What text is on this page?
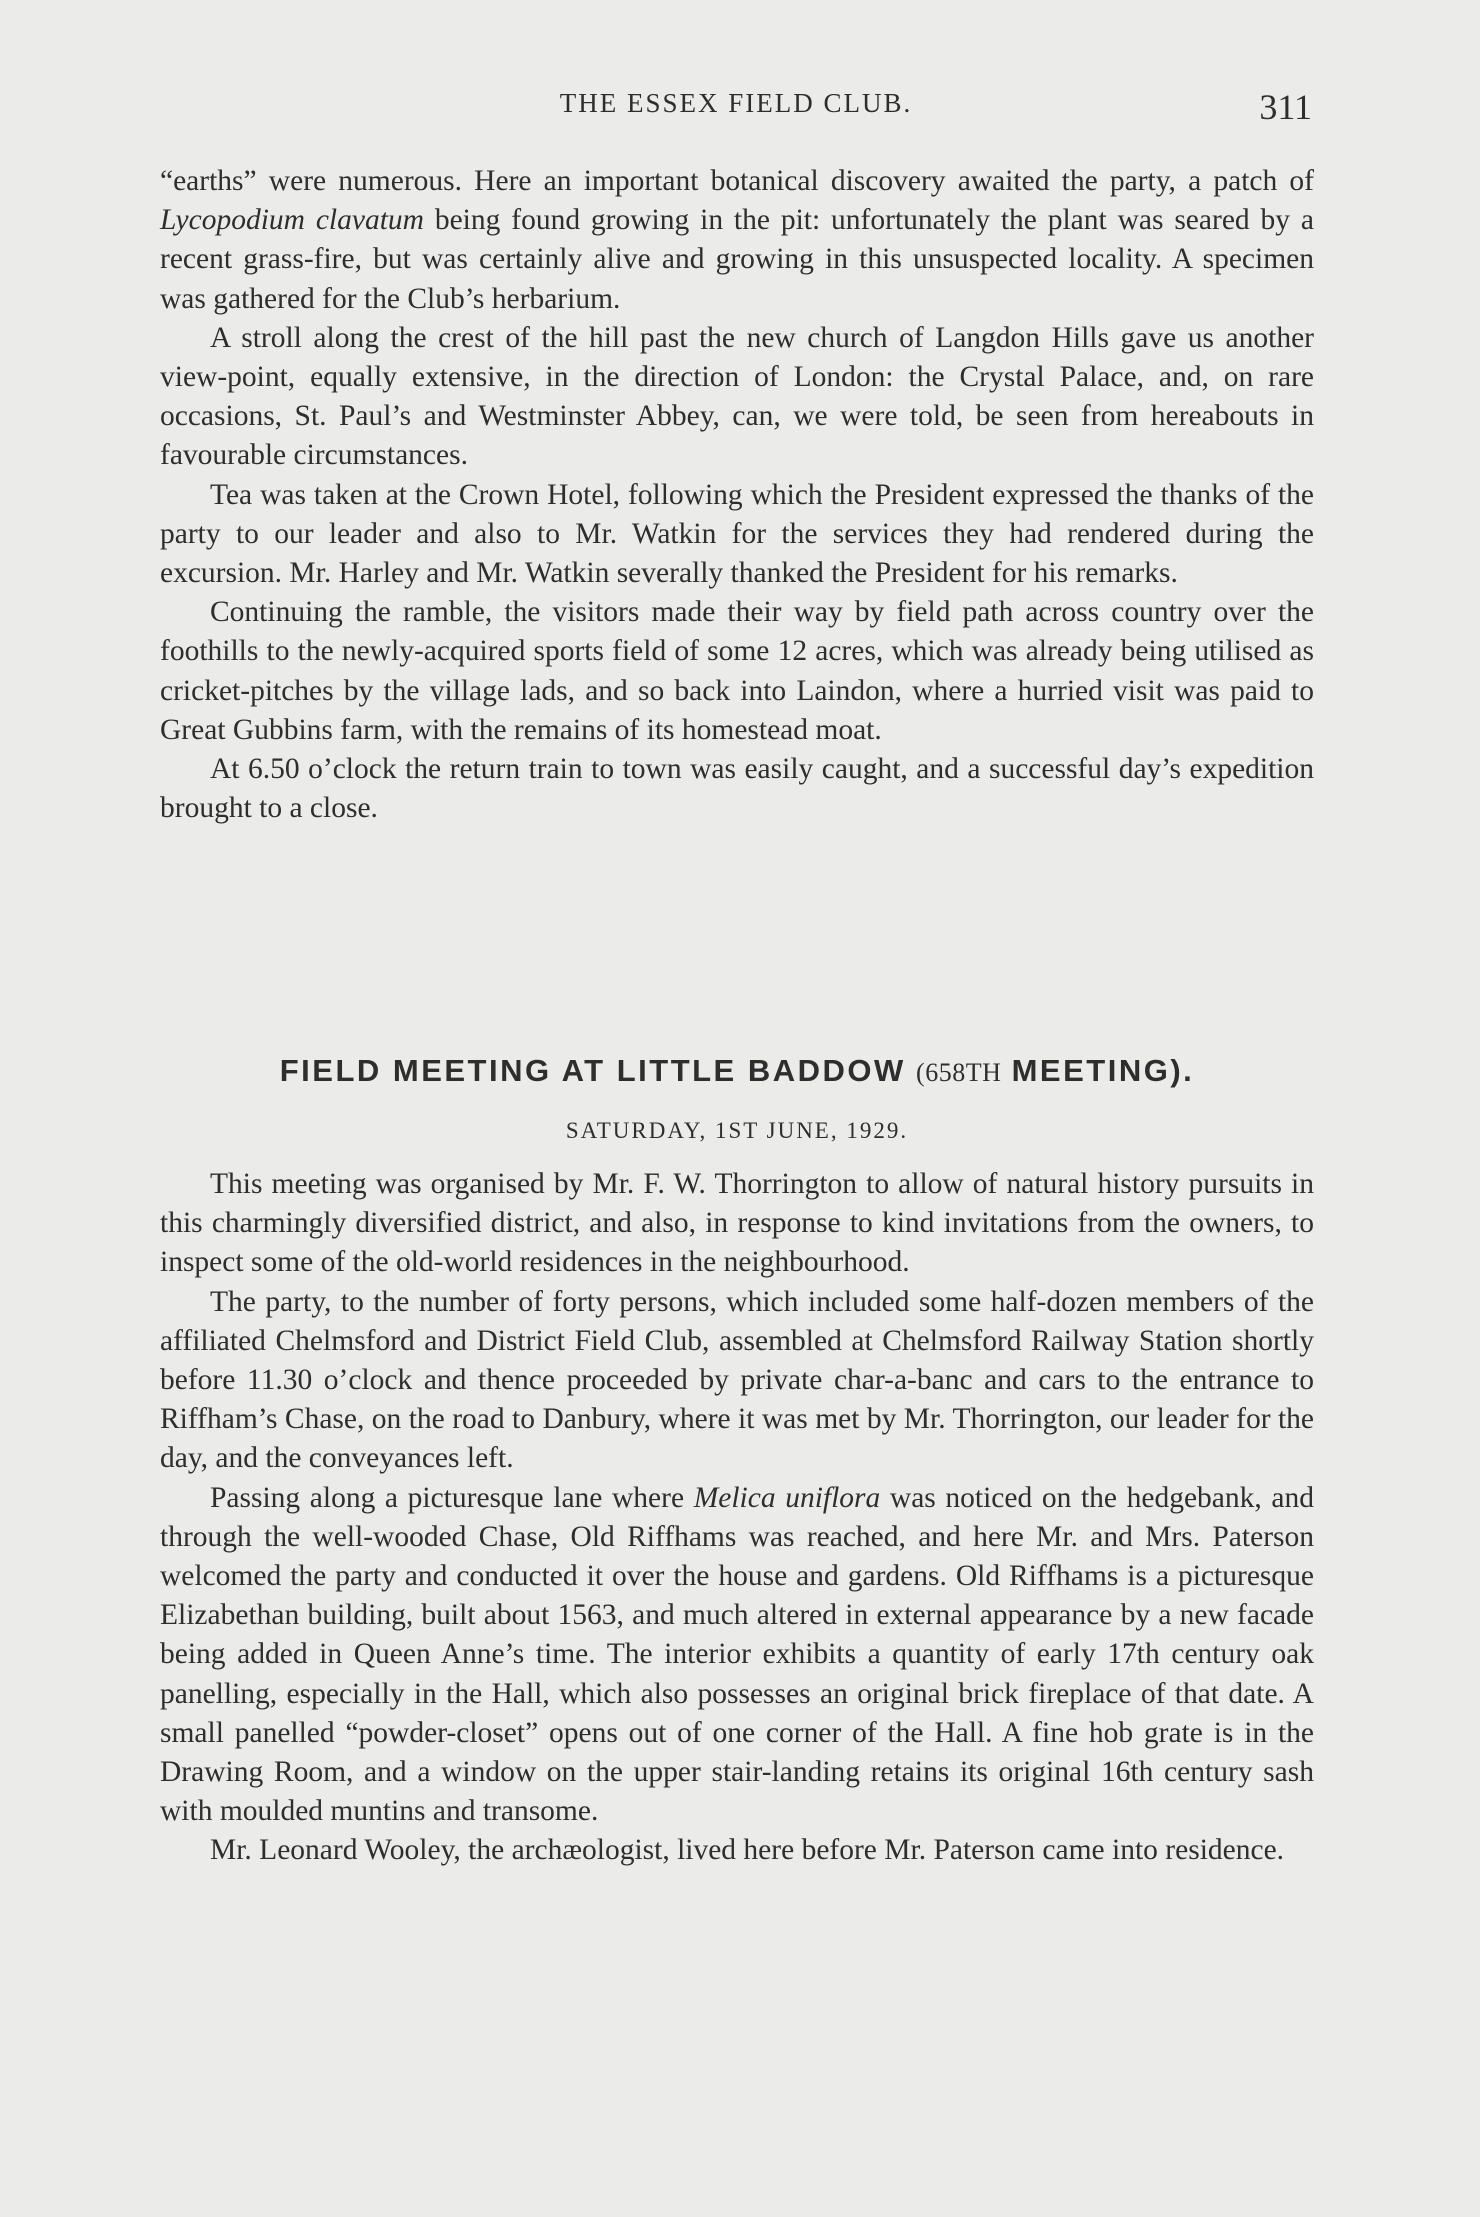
THE ESSEX FIELD CLUB.	311

“earths” were numerous. Here an important botanical discovery awaited the party, a patch of Lycopodium clavatum being found growing in the pit: unfortunately the plant was seared by a recent grass-fire, but was certainly alive and growing in this unsuspected locality. A specimen was gathered for the Club’s herbarium.

A stroll along the crest of the hill past the new church of Langdon Hills gave us another view-point, equally extensive, in the direction of London: the Crystal Palace, and, on rare occasions, St. Paul’s and Westminster Abbey, can, we were told, be seen from hereabouts in favourable circumstances.

Tea was taken at the Crown Hotel, following which the President expressed the thanks of the party to our leader and also to Mr. Watkin for the services they had rendered during the excursion. Mr. Harley and Mr. Watkin severally thanked the President for his remarks.

Continuing the ramble, the visitors made their way by field path across country over the foothills to the newly-acquired sports field of some 12 acres, which was already being utilised as cricket-pitches by the village lads, and so back into Laindon, where a hurried visit was paid to Great Gubbins farm, with the remains of its homestead moat.

At 6.50 o’clock the return train to town was easily caught, and a successful day’s expedition brought to a close.

FIELD MEETING AT LITTLE BADDOW (658TH MEETING).
SATURDAY, 1ST JUNE, 1929.

This meeting was organised by Mr. F. W. Thorrington to allow of natural history pursuits in this charmingly diversified district, and also, in response to kind invitations from the owners, to inspect some of the old-world residences in the neighbourhood.

The party, to the number of forty persons, which included some half-dozen members of the affiliated Chelmsford and District Field Club, assembled at Chelmsford Railway Station shortly before 11.30 o’clock and thence proceeded by private char-a-banc and cars to the entrance to Riffham’s Chase, on the road to Danbury, where it was met by Mr. Thorrington, our leader for the day, and the conveyances left.

Passing along a picturesque lane where Melica uniflora was noticed on the hedgebank, and through the well-wooded Chase, Old Riffhams was reached, and here Mr. and Mrs. Paterson welcomed the party and conducted it over the house and gardens. Old Riffhams is a picturesque Elizabethan building, built about 1563, and much altered in external appearance by a new facade being added in Queen Anne’s time. The interior exhibits a quantity of early 17th century oak panelling, especially in the Hall, which also possesses an original brick fireplace of that date. A small panelled “powder-closet” opens out of one corner of the Hall. A fine hob grate is in the Drawing Room, and a window on the upper stair-landing retains its original 16th century sash with moulded muntins and transome.

Mr. Leonard Wooley, the archæologist, lived here before Mr. Paterson came into residence.
